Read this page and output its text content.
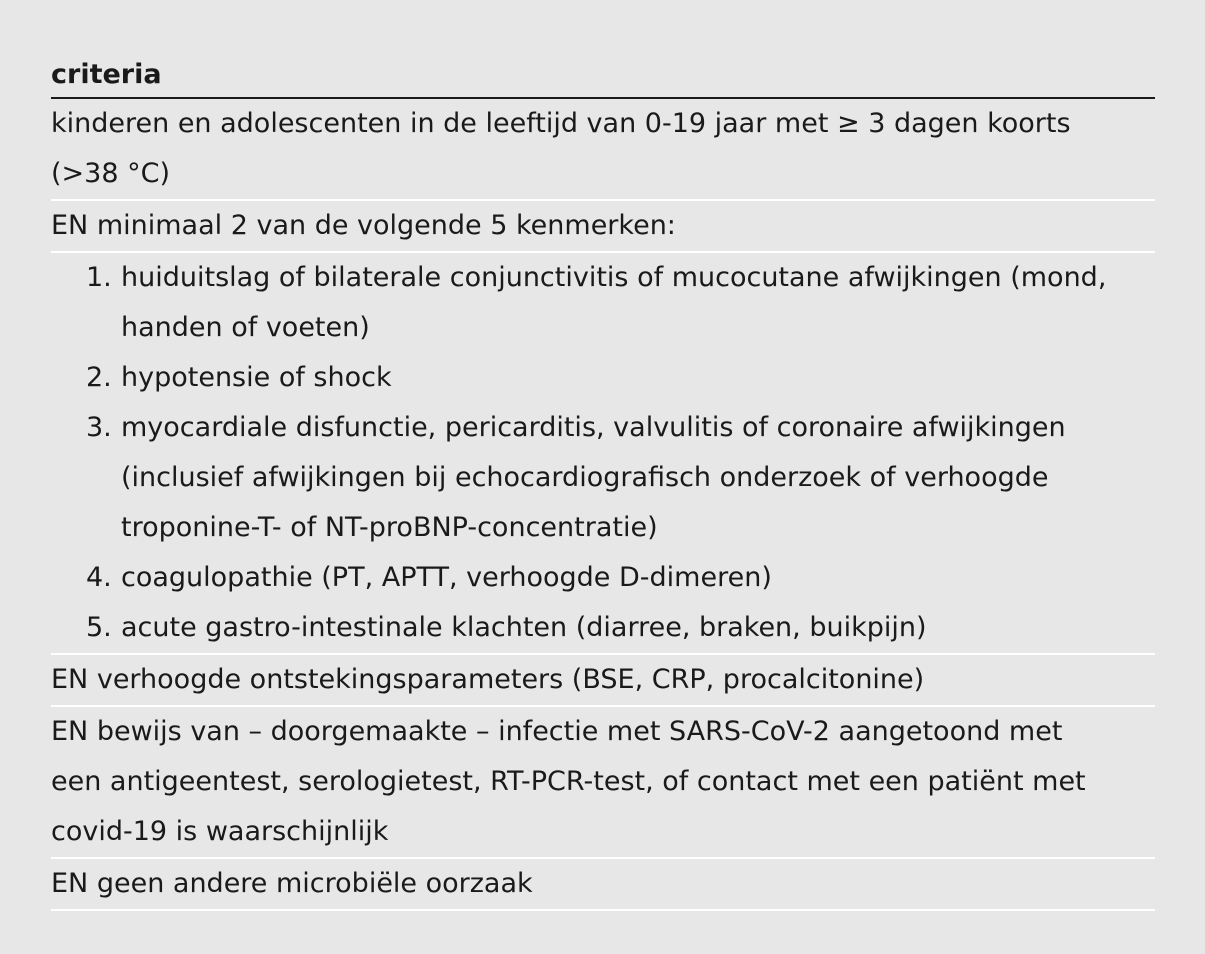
criteria
kinderen en adolescenten in de leeftijd van 0-19 jaar met ≥ 3 dagen koorts
(>38 °C)
EN minimaal 2 van de volgende 5 kenmerken:
1. huiduitslag of bilaterale conjunctivitis of mucocutane afwijkingen (mond,
handen of voeten)
2. hypotensie of shock
3. myocardiale disfunctie, pericarditis, valvulitis of coronaire afwijkingen
(inclusief afwijkingen bij echocardiografisch onderzoek of verhoogde
troponine-T- of NT-proBNP-concentratie)
4. coagulopathie (PT, APTT, verhoogde D-dimeren)
5. acute gastro-intestinale klachten (diarree, braken, buikpijn)
EN verhoogde ontstekingsparameters (BSE, CRP, procalcitonine)
EN bewijs van – doorgemaakte – infectie met SARS-CoV-2 aangetoond met
een antigeentest, serologietest, RT-PCR-test, of contact met een patiënt met
covid-19 is waarschijnlijk
EN geen andere microbiële oorzaak
